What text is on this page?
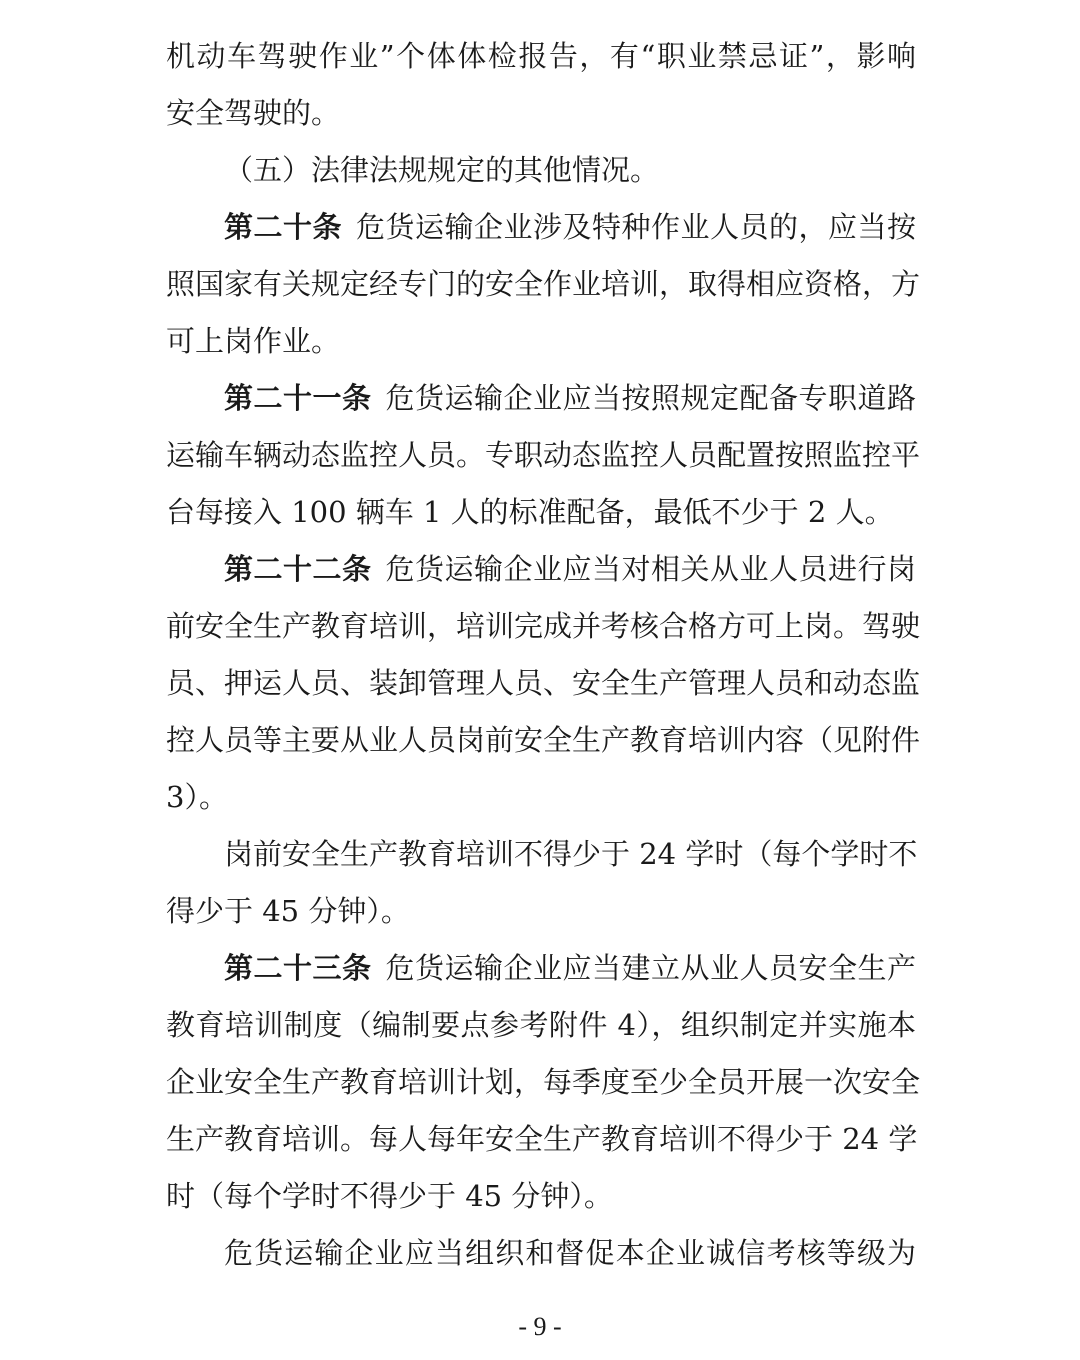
机动车驾驶作业”个体体检报告，有“职业禁忌证”，影响
安全驾驶的。
（五）法律法规规定的其他情况。
第二十条 危货运输企业涉及特种作业人员的，应当按
照国家有关规定经专门的安全作业培训，取得相应资格，方
可上岗作业。
第二十一条 危货运输企业应当按照规定配备专职道路
运输车辆动态监控人员。专职动态监控人员配置按照监控平
台每接入 100 辆车 1 人的标准配备，最低不少于 2 人。
第二十二条 危货运输企业应当对相关从业人员进行岗
前安全生产教育培训，培训完成并考核合格方可上岗。驾驶
员、押运人员、装卸管理人员、安全生产管理人员和动态监
控人员等主要从业人员岗前安全生产教育培训内容（见附件
3）。
岗前安全生产教育培训不得少于 24 学时（每个学时不
得少于 45 分钟）。
第二十三条 危货运输企业应当建立从业人员安全生产
教育培训制度（编制要点参考附件 4），组织制定并实施本
企业安全生产教育培训计划，每季度至少全员开展一次安全
生产教育培训。每人每年安全生产教育培训不得少于 24 学
时（每个学时不得少于 45 分钟）。
危货运输企业应当组织和督促本企业诚信考核等级为
- 9 -
